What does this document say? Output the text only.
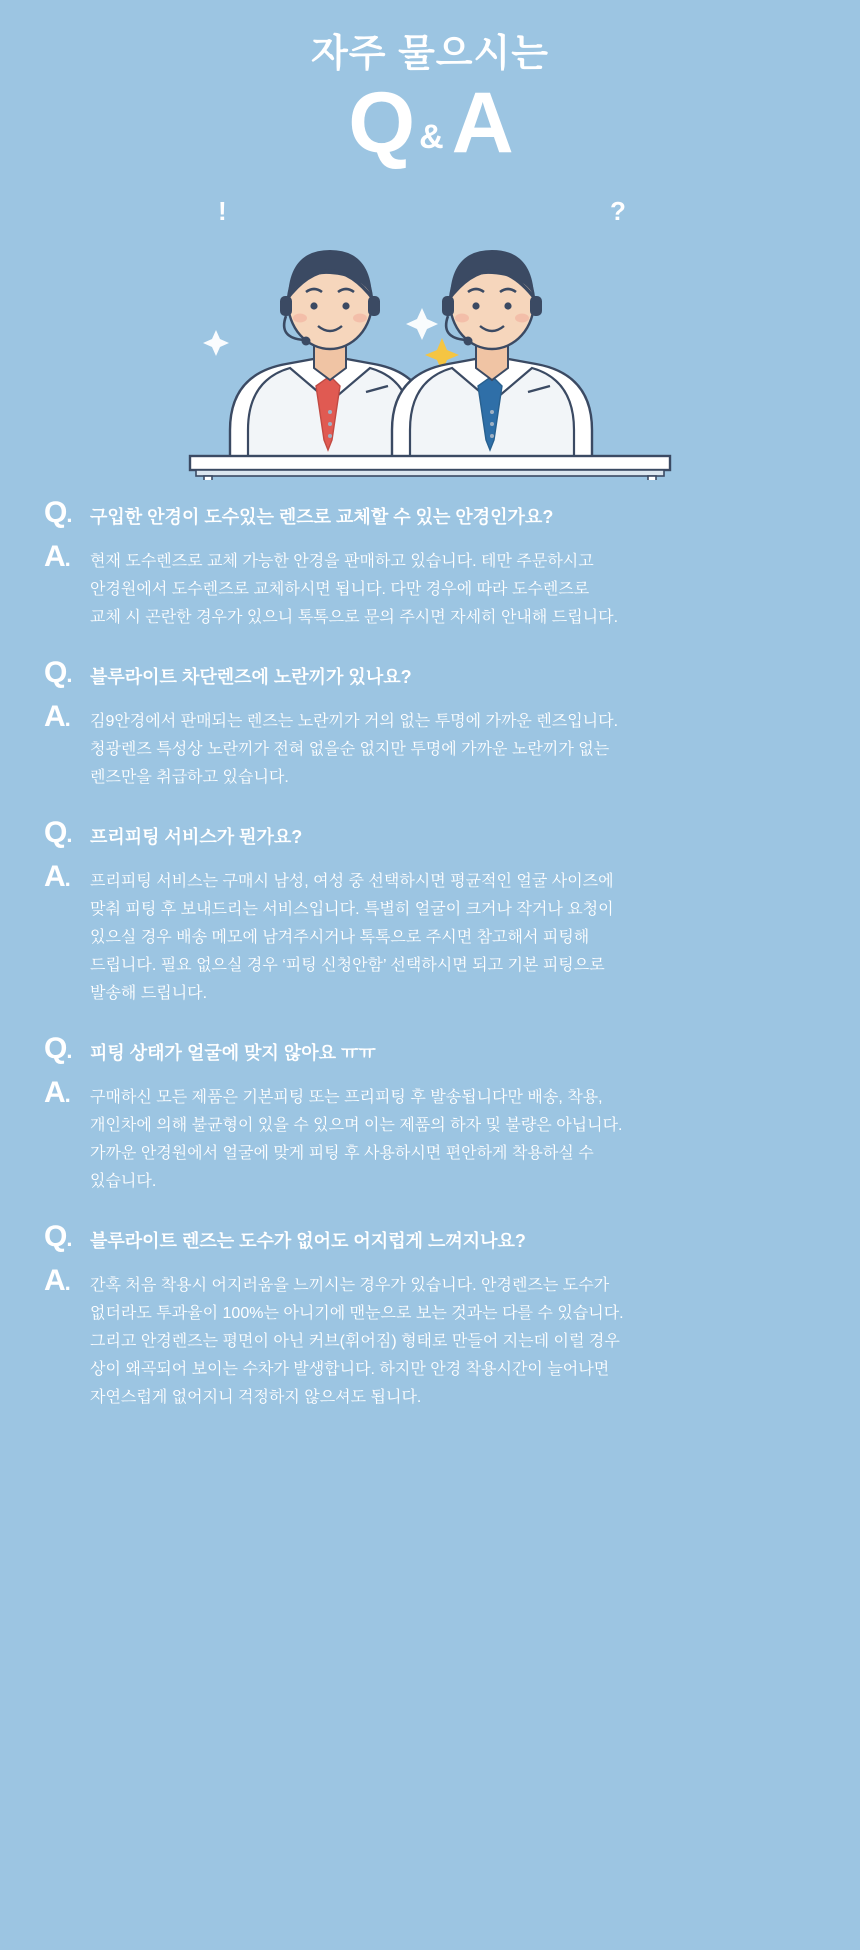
자주 물으시는
Q & A
!	?
Q.	구입한 안경이 도수있는 렌즈로 교체할 수 있는 안경인가요?
A.	현재 도수렌즈로 교체 가능한 안경을 판매하고 있습니다. 테만 주문하시고
안경원에서 도수렌즈로 교체하시면 됩니다. 다만 경우에 따라 도수렌즈로
교체 시 곤란한 경우가 있으니 톡톡으로 문의 주시면 자세히 안내해 드립니다.
Q.	블루라이트 차단렌즈에 노란끼가 있나요?
A.	김9안경에서 판매되는 렌즈는 노란끼가 거의 없는 투명에 가까운 렌즈입니다.
청광렌즈 특성상 노란끼가 전혀 없을순 없지만 투명에 가까운 노란끼가 없는
렌즈만을 취급하고 있습니다.
Q.	프리피팅 서비스가 뭔가요?
A.	프리피팅 서비스는 구매시 남성, 여성 중 선택하시면 평균적인 얼굴 사이즈에
맞춰 피팅 후 보내드리는 서비스입니다. 특별히 얼굴이 크거나 작거나 요청이
있으실 경우 배송 메모에 남겨주시거나 톡톡으로 주시면 참고해서 피팅해
드립니다. 필요 없으실 경우 ‘피팅 신청안함’ 선택하시면 되고 기본 피팅으로
발송해 드립니다.
Q.	피팅 상태가 얼굴에 맞지 않아요 ㅠㅠ
A.	구매하신 모든 제품은 기본피팅 또는 프리피팅 후 발송됩니다만 배송, 착용,
개인차에 의해 불균형이 있을 수 있으며 이는 제품의 하자 및 불량은 아닙니다.
가까운 안경원에서 얼굴에 맞게 피팅 후 사용하시면 편안하게 착용하실 수
있습니다.
Q.	블루라이트 렌즈는 도수가 없어도 어지럽게 느껴지나요?
A.	간혹 처음 착용시 어지러움을 느끼시는 경우가 있습니다. 안경렌즈는 도수가
없더라도 투과율이 100%는 아니기에 맨눈으로 보는 것과는 다를 수 있습니다.
그리고 안경렌즈는 평면이 아닌 커브(휘어짐) 형태로 만들어 지는데 이럴 경우
상이 왜곡되어 보이는 수차가 발생합니다. 하지만 안경 착용시간이 늘어나면
자연스럽게 없어지니 걱정하지 않으셔도 됩니다.
